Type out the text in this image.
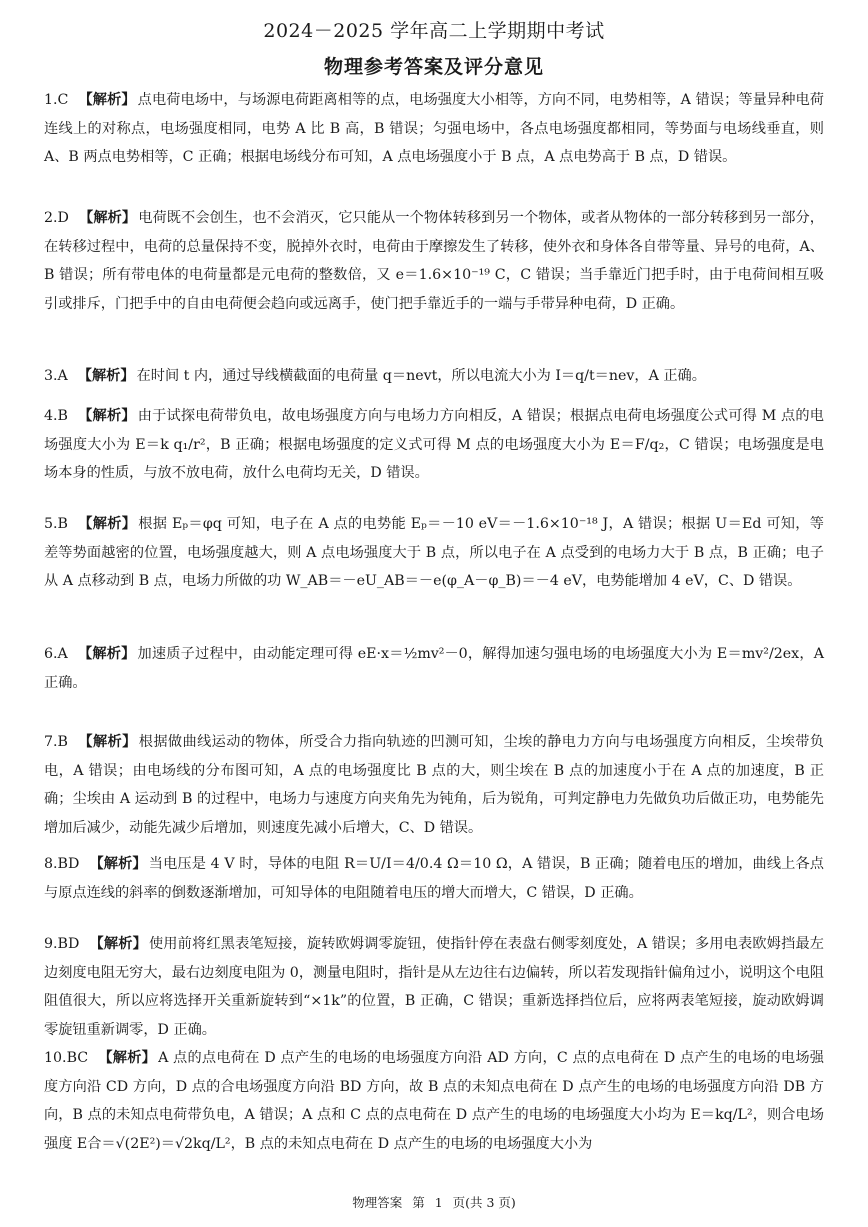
2024－2025 学年高二上学期期中考试
物理参考答案及评分意见
1.C 【解析】 点电荷电场中，与场源电荷距离相等的点，电场强度大小相等，方向不同，电势相等，A 错误；等量异种电荷连线上的对称点，电场强度相同，电势 A 比 B 高，B 错误；匀强电场中，各点电场强度都相同，等势面与电场线垂直，则 A、B 两点电势相等，C 正确；根据电场线分布可知，A 点电场强度小于 B 点，A 点电势高于 B 点，D 错误。
2.D 【解析】 电荷既不会创生，也不会消灭，它只能从一个物体转移到另一个物体，或者从物体的一部分转移到另一部分，在转移过程中，电荷的总量保持不变，脱掉外衣时，电荷由于摩擦发生了转移，使外衣和身体各自带等量、异号的电荷，A、B 错误；所有带电体的电荷量都是元电荷的整数倍，又 e＝1.6×10⁻¹⁹ C，C 错误；当手靠近门把手时，由于电荷间相互吸引或排斥，门把手中的自由电荷便会趋向或远离手，使门把手靠近手的一端与手带异种电荷，D 正确。
3.A 【解析】 在时间 t 内，通过导线横截面的电荷量 q＝nevt，所以电流大小为 I＝q/t＝nev，A 正确。
4.B 【解析】 由于试探电荷带负电，故电场强度方向与电场力方向相反，A 错误；根据点电荷电场强度公式可得 M 点的电场强度大小为 E＝k q₁/r²，B 正确；根据电场强度的定义式可得 M 点的电场强度大小为 E＝F/q₂，C 错误；电场强度是电场本身的性质，与放不放电荷，放什么电荷均无关，D 错误。
5.B 【解析】 根据 Eₚ＝φq 可知，电子在 A 点的电势能 Eₚ＝－10 eV＝－1.6×10⁻¹⁸ J，A 错误；根据 U＝Ed 可知，等差等势面越密的位置，电场强度越大，则 A 点电场强度大于 B 点，所以电子在 A 点受到的电场力大于 B 点，B 正确；电子从 A 点移动到 B 点，电场力所做的功 W_AB＝－eU_AB＝－e(φ_A－φ_B)＝－4 eV，电势能增加 4 eV，C、D 错误。
6.A 【解析】 加速质子过程中，由动能定理可得 eE·x＝½mv²－0，解得加速匀强电场的电场强度大小为 E＝mv²/2ex，A 正确。
7.B 【解析】 根据做曲线运动的物体，所受合力指向轨迹的凹测可知，尘埃的静电力方向与电场强度方向相反，尘埃带负电，A 错误；由电场线的分布图可知，A 点的电场强度比 B 点的大，则尘埃在 B 点的加速度小于在 A 点的加速度，B 正确；尘埃由 A 运动到 B 的过程中，电场力与速度方向夹角先为钝角，后为锐角，可判定静电力先做负功后做正功，电势能先增加后减少，动能先减少后增加，则速度先减小后增大，C、D 错误。
8.BD 【解析】 当电压是 4 V 时，导体的电阻 R＝U/I＝4/0.4 Ω＝10 Ω，A 错误，B 正确；随着电压的增加，曲线上各点与原点连线的斜率的倒数逐渐增加，可知导体的电阻随着电压的增大而增大，C 错误，D 正确。
9.BD 【解析】 使用前将红黑表笔短接，旋转欧姆调零旋钮，使指针停在表盘右侧零刻度处，A 错误；多用电表欧姆挡最左边刻度电阻无穷大，最右边刻度电阻为 0，测量电阻时，指针是从左边往右边偏转，所以若发现指针偏角过小，说明这个电阻阻值很大，所以应将选择开关重新旋转到“×1k”的位置，B 正确，C 错误；重新选择挡位后，应将两表笔短接，旋动欧姆调零旋钮重新调零，D 正确。
10.BC 【解析】 A 点的点电荷在 D 点产生的电场的电场强度方向沿 AD 方向，C 点的点电荷在 D 点产生的电场的电场强度方向沿 CD 方向，D 点的合电场强度方向沿 BD 方向，故 B 点的未知点电荷在 D 点产生的电场的电场强度方向沿 DB 方向，B 点的未知点电荷带负电，A 错误；A 点和 C 点的点电荷在 D 点产生的电场的电场强度大小均为 E＝kq/L²，则合电场强度 E合＝√(2E²)＝√2kq/L²，B 点的未知点电荷在 D 点产生的电场的电场强度大小为
物理答案 第 1 页(共 3 页)
